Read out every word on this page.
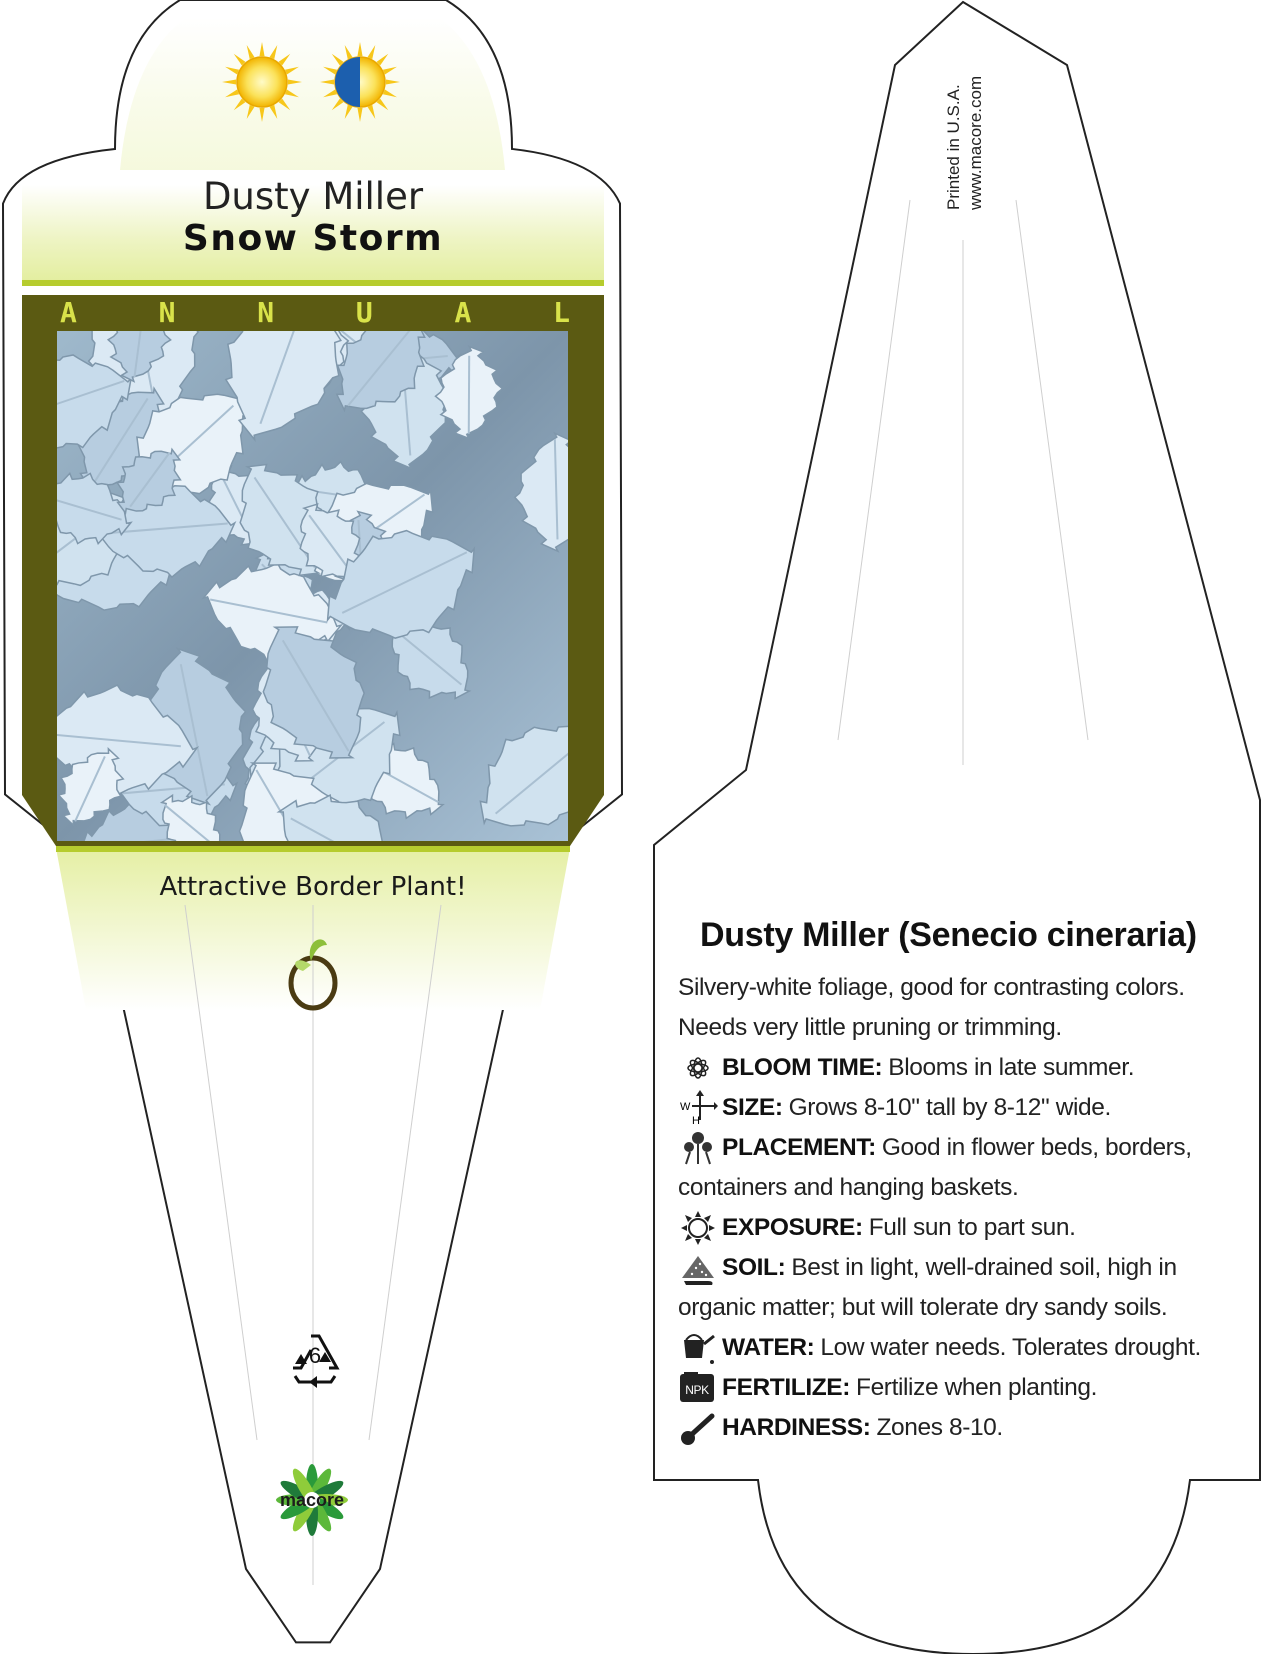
Dusty Miller
Snow Storm
A	N	N	U	A	L
Attractive Border Plant!
6
macore
Printed in U.S.A. www.macore.com
Dusty Miller (Senecio cineraria)
Silvery-white foliage, good for contrasting colors.
Needs very little pruning or trimming.
BLOOM TIME: Blooms in late summer.
W
H SIZE: Grows 8-10" tall by 8-12" wide.
PLACEMENT: Good in flower beds, borders,
containers and hanging baskets.
EXPOSURE: Full sun to part sun.
SOIL: Best in light, well-drained soil, high in
organic matter; but will tolerate dry sandy soils.
WATER: Low water needs. Tolerates drought.
NPK FERTILIZE: Fertilize when planting.
HARDINESS: Zones 8-10.
